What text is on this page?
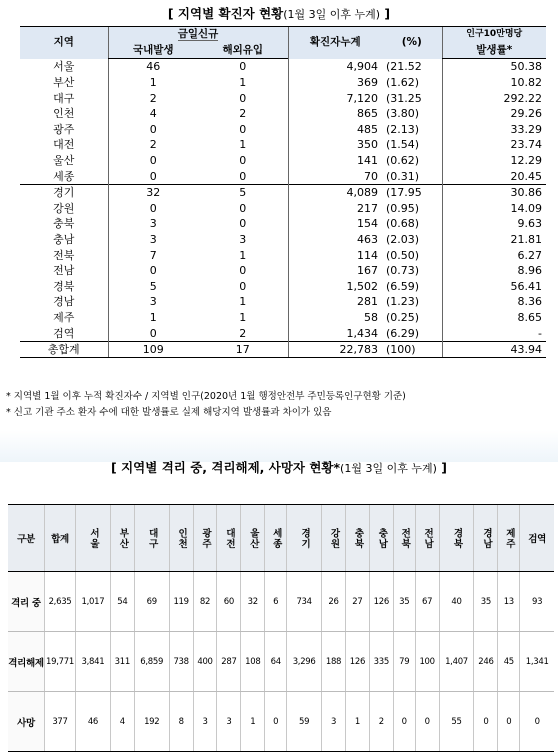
[ 지역별 확진자 현황(1월 3일 이후 누계) ]
지역	금일신규		확진자누계	(%)	인구10만명당
	국내발생	해외유입			발생률*
서울	46	0	4,904	(21.52	50.38
부산	1	1	369	(1.62)	10.82
대구	2	0	7,120	(31.25	292.22
인천	4	2	865	(3.80)	29.26
광주	0	0	485	(2.13)	33.29
대전	2	1	350	(1.54)	23.74
울산	0	0	141	(0.62)	12.29
세종	0	0	70	(0.31)	20.45
경기	32	5	4,089	(17.95	30.86
강원	0	0	217	(0.95)	14.09
충북	3	0	154	(0.68)	9.63
충남	3	3	463	(2.03)	21.81
전북	7	1	114	(0.50)	6.27
전남	0	0	167	(0.73)	8.96
경북	5	0	1,502	(6.59)	56.41
경남	3	1	281	(1.23)	8.36
제주	1	1	58	(0.25)	8.65
검역	0	2	1,434	(6.29)	-
총합계	109	17	22,783	(100)	43.94
* 지역별 1월 이후 누적 확진자수 / 지역별 인구(2020년 1월 행정안전부 주민등록인구현황 기준)
* 신고 기관 주소 환자 수에 대한 발생률로 실제 해당지역 발생률과 차이가 있음
[ 지역별 격리 중, 격리해제, 사망자 현황*(1월 3일 이후 누계) ]
구분	합계	서울	부산	대구	인천	광주	대전	울산	세종	경기	강원	충북	충남	전북	전남	경북	경남	제주	검역
격리 중	2,635	1,017	54	69	119	82	60	32	6	734	26	27	126	35	67	40	35	13	93
격리해제	19,771	3,841	311	6,859	738	400	287	108	64	3,296	188	126	335	79	100	1,407	246	45	1,341
사망	377	46	4	192	8	3	3	1	0	59	3	1	2	0	0	55	0	0	0
